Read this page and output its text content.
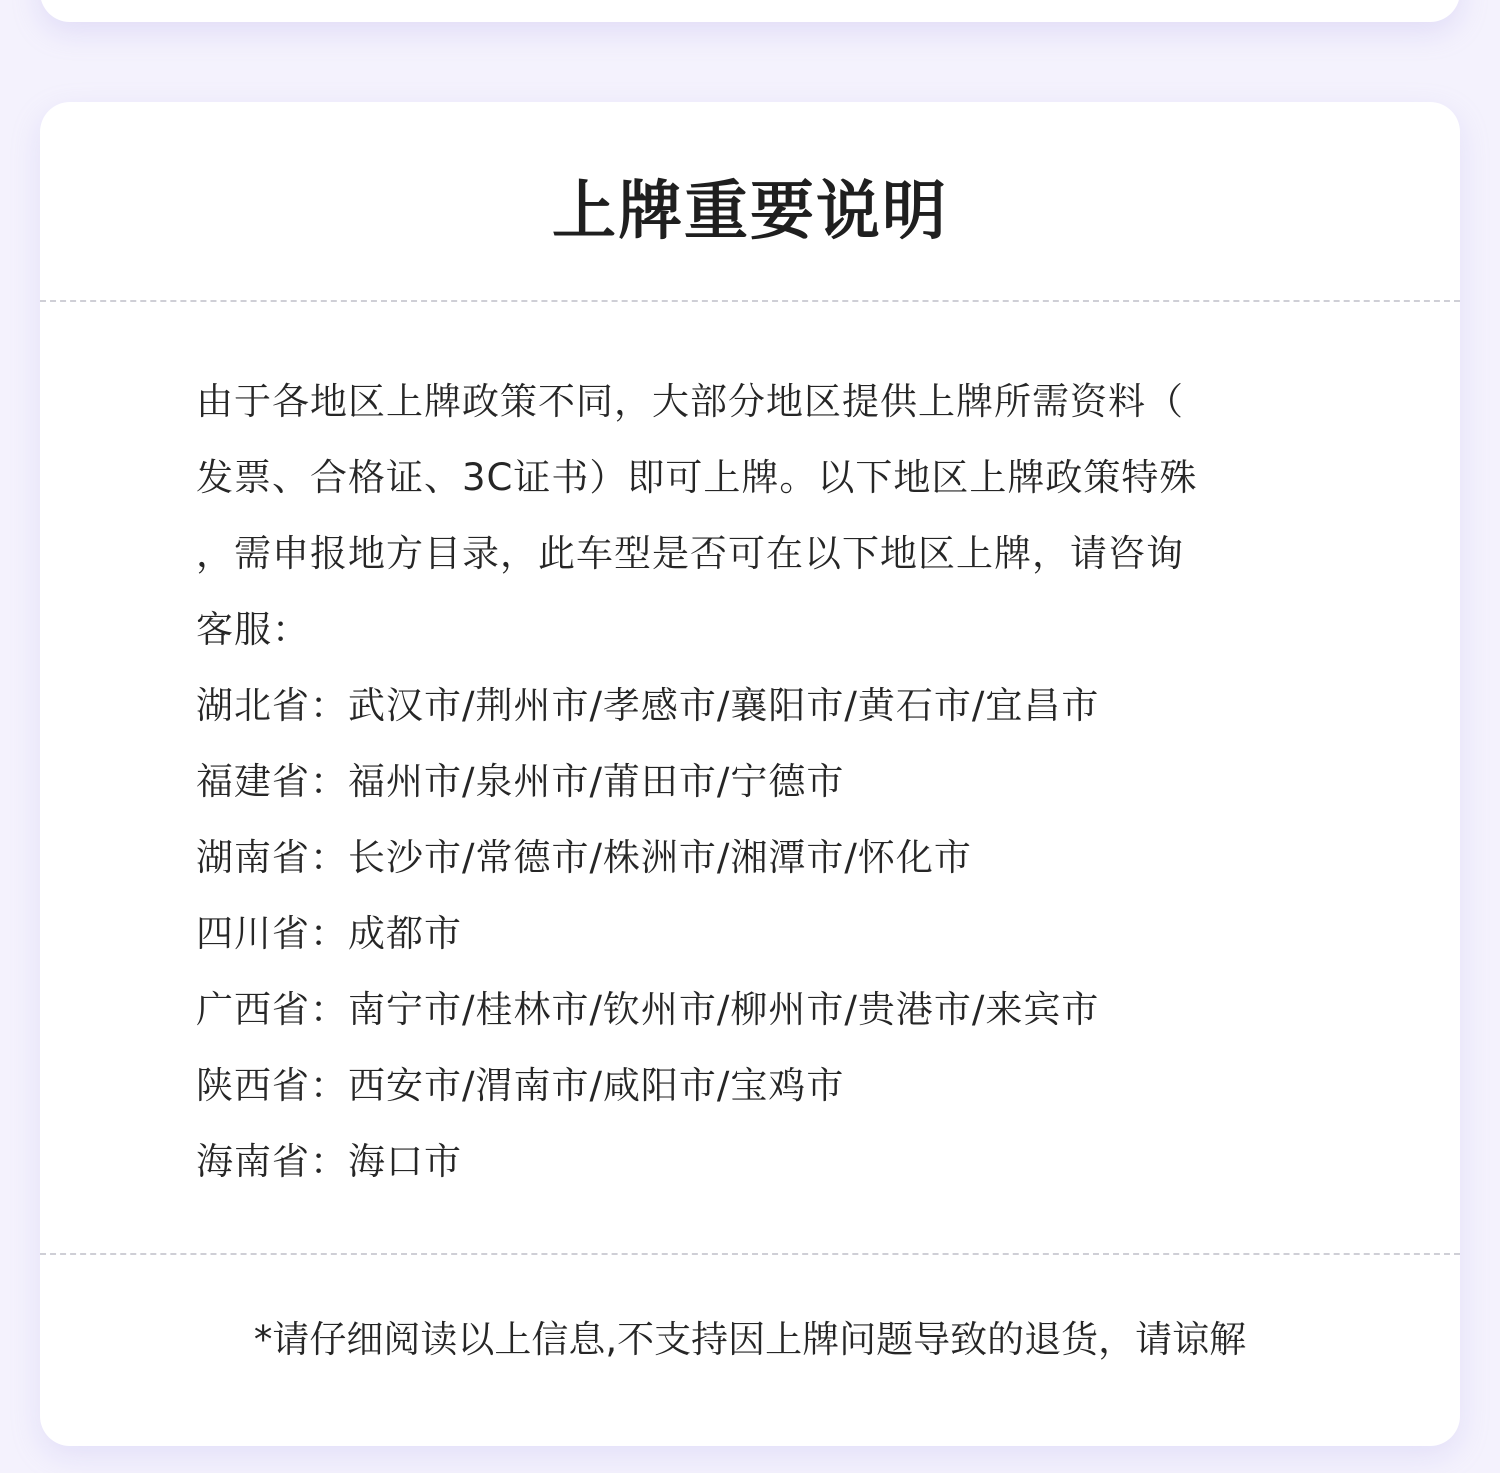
上牌重要说明

由于各地区上牌政策不同，大部分地区提供上牌所需资料（
发票、合格证、3C证书）即可上牌。以下地区上牌政策特殊
，需申报地方目录，此车型是否可在以下地区上牌，请咨询
客服：

湖北省：武汉市/荆州市/孝感市/襄阳市/黄石市/宜昌市
福建省：福州市/泉州市/莆田市/宁德市
湖南省：长沙市/常德市/株洲市/湘潭市/怀化市
四川省：成都市
广西省：南宁市/桂林市/钦州市/柳州市/贵港市/来宾市
陕西省：西安市/渭南市/咸阳市/宝鸡市
海南省：海口市

*请仔细阅读以上信息,不支持因上牌问题导致的退货，请谅解
